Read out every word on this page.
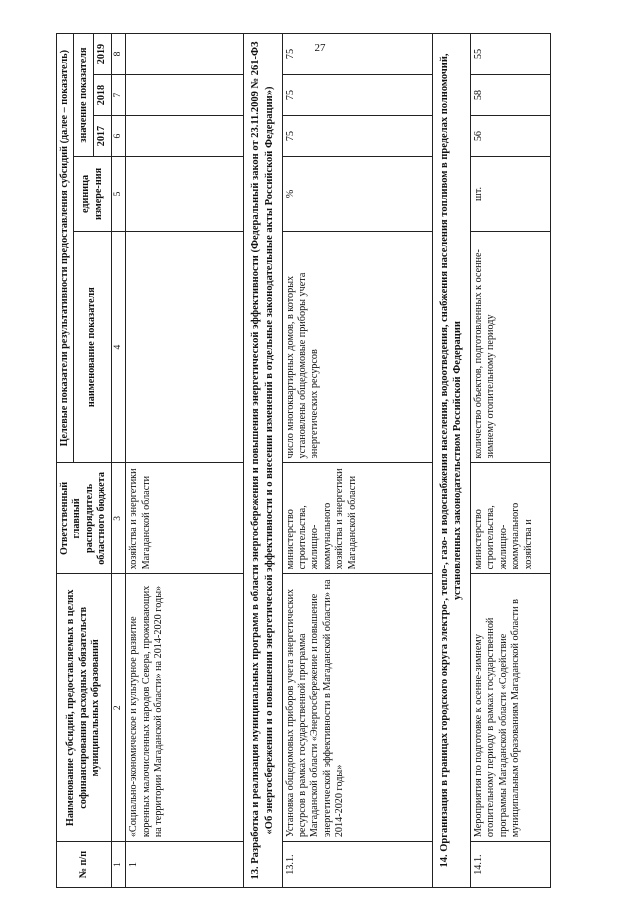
27
№ п/п	Наименование субсидий, предоставляемых в целях софинансирования расходных обязательств муниципальных образований	Ответственный главный распорядитель областного бюджета	Целевые показатели результативности предоставления субсидий (далее – показатель)				
			наименование показателя	единица измере-ния	значение показателя		
					2017	2018	2019
1	2	3	4	5	6	7	8
1	«Социально-экономическое и культурное развитие коренных малочисленных народов Севера, проживающих на территории Магаданской области» на 2014-2020 годы»	хозяйства и энергетики Магаданской области					
13. Разработка и реализация муниципальных программ в области энергосбережения и повышения энергетической эффективности (Федеральный закон от 23.11.2009 № 261-ФЗ «Об энергосбережении и о повышении энергетической эффективности и о внесении изменений в отдельные законодательные акты Российской Федерации»)							
13.1.	Установка общедомовых приборов учета энергетических ресурсов в рамках государственной программа Магаданской области «Энергосбережение и повышение энергетической эффективности в Магаданской области» на 2014-2020 годы»	министерство строительства, жилищно-коммунального хозяйства и энергетики Магаданской области	число многоквартирных домов, в которых установлены общедомовые приборы учета энергетических ресурсов	%	75	75	75
14. Организация в границах городского округа электро-, тепло-, газо- и водоснабжения населения, водоотведения, снабжения населения топливом в пределах полномочий, установленных законодательством Российской Федерации							
14.1.	Мероприятия по подготовке к осенне-зимнему отопительному периоду в рамках государственной программы Магаданской области «Содействие муниципальным образованиям Магаданской области в	министерство строительства, жилищно-коммунального хозяйства и	количество объектов, подготовленных к осенне-зимнему отопительному периоду	шт.	56	58	55
